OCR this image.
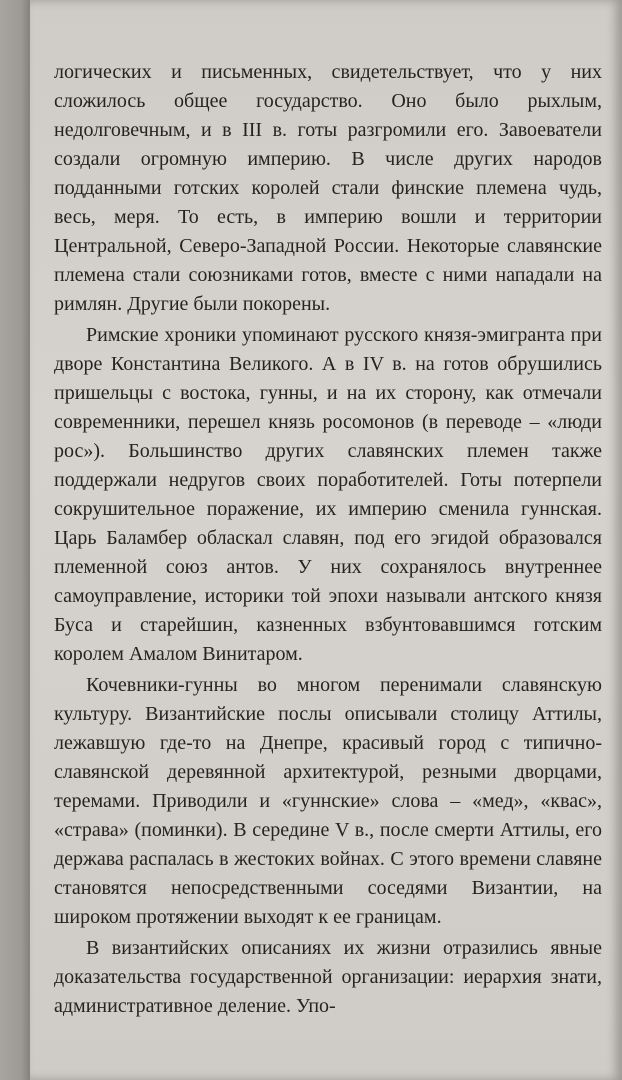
логических и письменных, свидетельствует, что у них сложилось общее государство. Оно было рыхлым, недолговечным, и в III в. готы разгромили его. Завоеватели создали огромную империю. В числе других народов подданными готских королей стали финские племена чудь, весь, меря. То есть, в империю вошли и территории Центральной, Северо-Западной России. Некоторые славянские племена стали союзниками готов, вместе с ними нападали на римлян. Другие были покорены.

Римские хроники упоминают русского князя-эмигранта при дворе Константина Великого. А в IV в. на готов обрушились пришельцы с востока, гунны, и на их сторону, как отмечали современники, перешел князь росомонов (в переводе – «люди рос»). Большинство других славянских племен также поддержали недругов своих поработителей. Готы потерпели сокрушительное поражение, их империю сменила гуннская. Царь Баламбер обласкал славян, под его эгидой образовался племенной союз антов. У них сохранялось внутреннее самоуправление, историки той эпохи называли антского князя Буса и старейшин, казненных взбунтовавшимся готским королем Амалом Винитаром.

Кочевники-гунны во многом перенимали славянскую культуру. Византийские послы описывали столицу Аттилы, лежавшую где-то на Днепре, красивый город с типично-славянской деревянной архитектурой, резными дворцами, теремами. Приводили и «гуннские» слова – «мед», «квас», «страва» (поминки). В середине V в., после смерти Аттилы, его держава распалась в жестоких войнах. С этого времени славяне становятся непосредственными соседями Византии, на широком протяжении выходят к ее границам.

В византийских описаниях их жизни отразились явные доказательства государственной организации: иерархия знати, административное деление. Упо-
